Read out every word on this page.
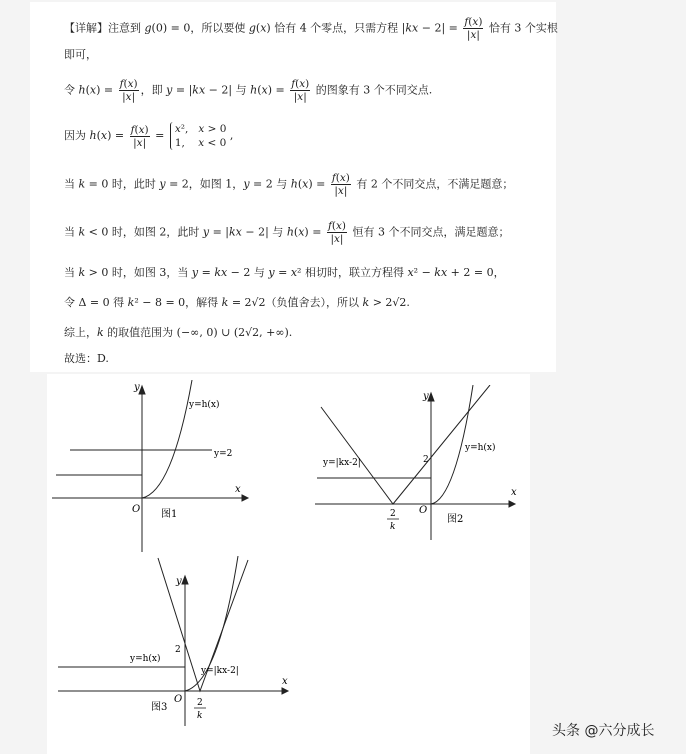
【详解】注意到 g(0) = 0，所以要使 g(x) 恰有 4 个零点，只需方程 $|kx - 2| = \frac{f(x)}{|x|}$ 恰有 3 个实根
即可，
令 $h(x) = \frac{f(x)}{|x|}$ ，即 y = |kx − 2| 与 $h(x) = \frac{f(x)}{|x|}$ 的图象有 3 个不同交点.
因为 $h(x) = \frac{f(x)}{|x|} = x^2$,   x > 0
1,    x < 0 ,
当 k = 0 时，此时 y = 2，如图 1，y = 2 与 $h(x) = \frac{f(x)}{|x|}$ 有 2 个不同交点，不满足题意；
当 k < 0 时，如图 2，此时 y = |kx − 2| 与 $h(x) = \frac{f(x)}{|x|}$ 恒有 3 个不同交点，满足题意；
当 k > 0 时，如图 3，当 y = kx − 2 与 y = x² 相切时，联立方程得 x² − kx + 2 = 0，
令 Δ = 0 得 k² − 8 = 0，解得 k = 2√2（负值舍去），所以 k > 2√2.
综上，k 的取值范围为 (−∞, 0) ∪ (2√2, +∞).
故选：D.
y
x
O
y=h(x)
y=2
图1
y
x
O
2
y=h(x)
y=|kx-2|
2
k
图2
y
x
O
2
y=h(x)
y=|kx-2|
2
k
图3
头条 @六分成长
